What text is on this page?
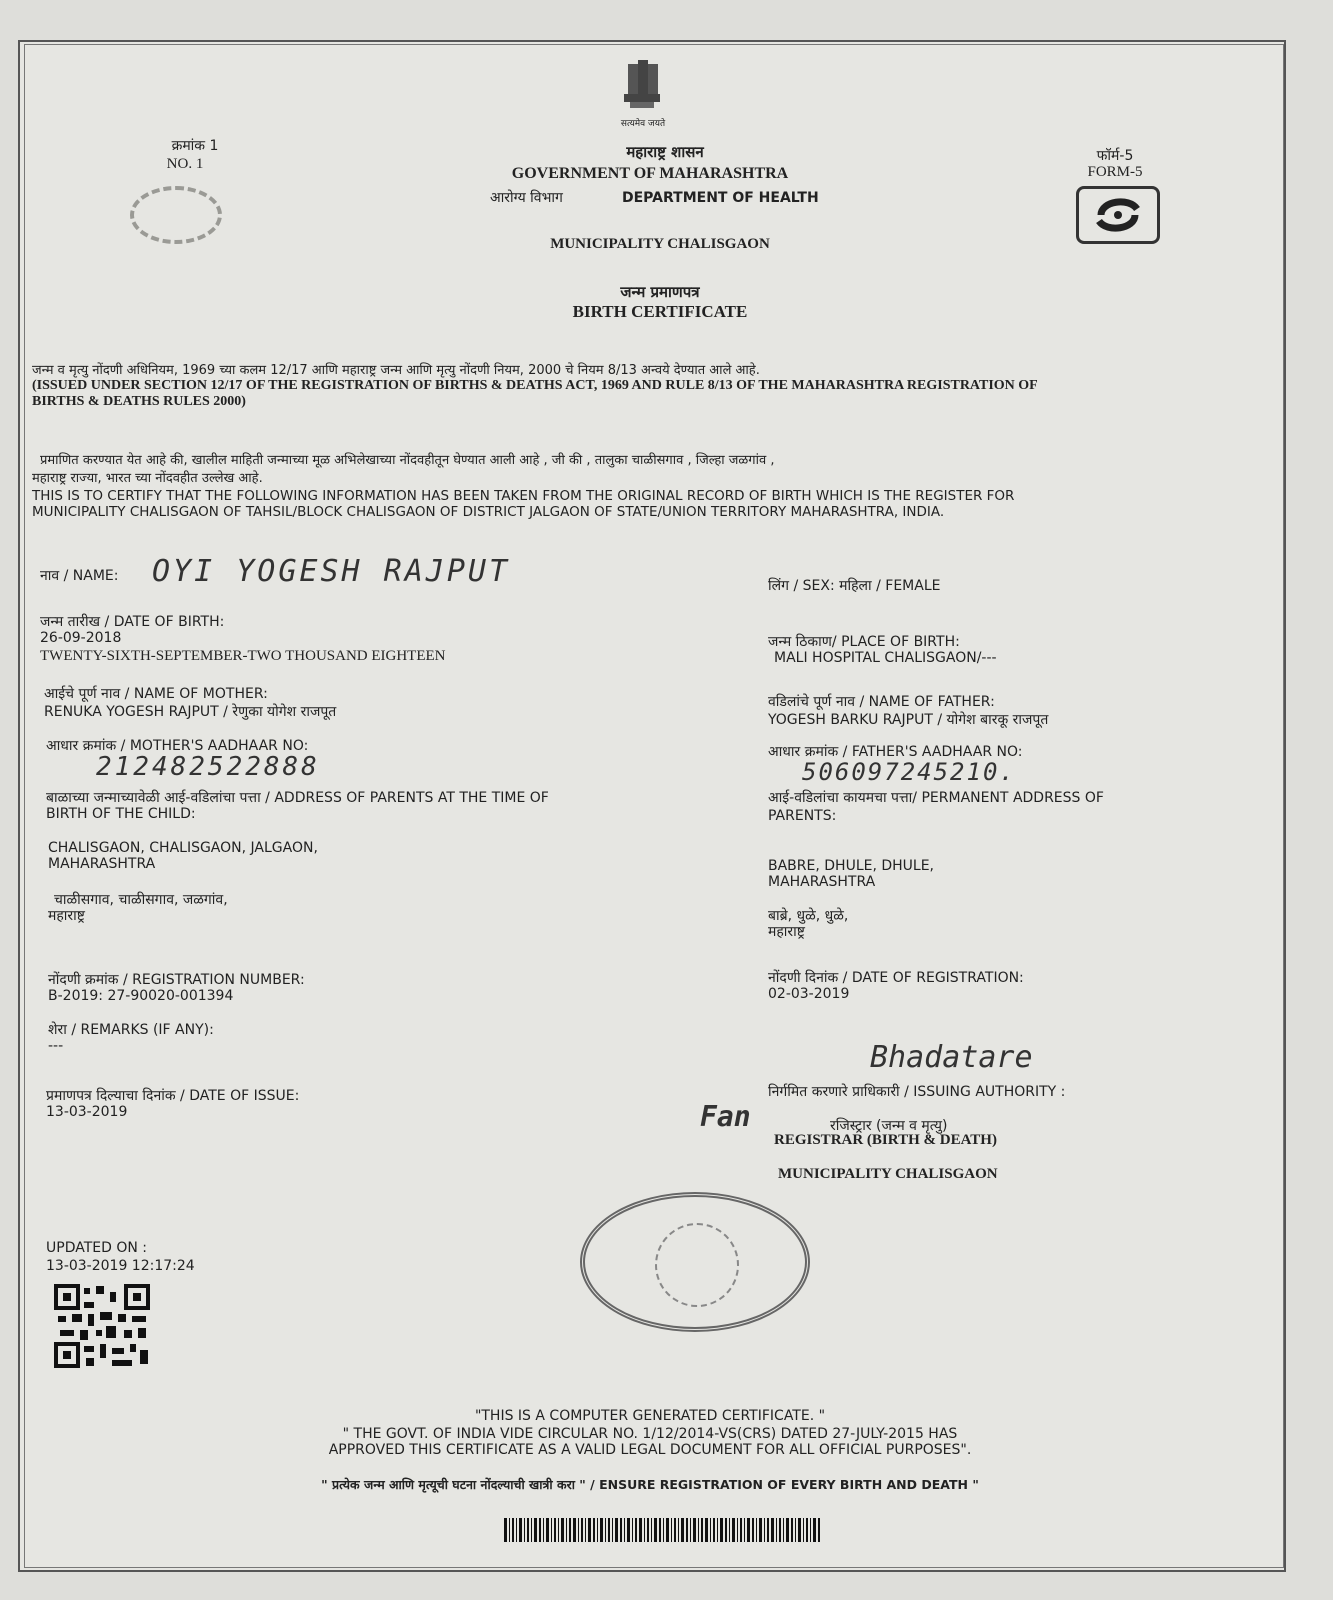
सत्यमेव जयते
क्रमांक 1
NO. 1
महाराष्ट्र शासन
GOVERNMENT OF MAHARASHTRA
आरोग्य विभाग	DEPARTMENT OF HEALTH
फॉर्म-5
FORM-5
MUNICIPALITY CHALISGAON
जन्म प्रमाणपत्र
BIRTH CERTIFICATE
जन्म व मृत्यु नोंदणी अधिनियम, 1969 च्या कलम 12/17 आणि महाराष्ट्र जन्म आणि मृत्यु नोंदणी नियम, 2000 चे नियम 8/13 अन्वये देण्यात आले आहे.
(ISSUED UNDER SECTION 12/17 OF THE REGISTRATION OF BIRTHS & DEATHS ACT, 1969 AND RULE 8/13 OF THE MAHARASHTRA REGISTRATION OF
BIRTHS & DEATHS RULES 2000)
प्रमाणित करण्यात येत आहे की, खालील माहिती जन्माच्या मूळ अभिलेखाच्या नोंदवहीतून घेण्यात आली आहे , जी की , तालुका चाळीसगाव , जिल्हा जळगांव ,
महाराष्ट्र राज्या, भारत च्या नोंदवहीत उल्लेख आहे.
THIS IS TO CERTIFY THAT THE FOLLOWING INFORMATION HAS BEEN TAKEN FROM THE ORIGINAL RECORD OF BIRTH WHICH IS THE REGISTER FOR
MUNICIPALITY CHALISGAON OF TAHSIL/BLOCK CHALISGAON OF DISTRICT JALGAON OF STATE/UNION TERRITORY MAHARASHTRA, INDIA.
नाव / NAME: OYI YOGESH RAJPUT
जन्म तारीख / DATE OF BIRTH:
26-09-2018
TWENTY-SIXTH-SEPTEMBER-TWO THOUSAND EIGHTEEN
आईचे पूर्ण नाव / NAME OF MOTHER:
RENUKA YOGESH RAJPUT / रेणुका योगेश राजपूत
आधार क्रमांक / MOTHER'S AADHAAR NO:
212482522888
बाळाच्या जन्माच्यावेळी आई-वडिलांचा पत्ता / ADDRESS OF PARENTS AT THE TIME OF
BIRTH OF THE CHILD:
CHALISGAON, CHALISGAON, JALGAON,
MAHARASHTRA
चाळीसगाव, चाळीसगाव, जळगांव,
महाराष्ट्र
नोंदणी क्रमांक / REGISTRATION NUMBER:
B-2019: 27-90020-001394
शेरा / REMARKS (IF ANY):
---
प्रमाणपत्र दिल्याचा दिनांक / DATE OF ISSUE:
13-03-2019
लिंग / SEX: महिला / FEMALE
जन्म ठिकाण/ PLACE OF BIRTH:
MALI HOSPITAL CHALISGAON/---
वडिलांचे पूर्ण नाव / NAME OF FATHER:
YOGESH BARKU RAJPUT / योगेश बारकू राजपूत
आधार क्रमांक / FATHER'S AADHAAR NO:
506097245210.
आई-वडिलांचा कायमचा पत्ता/ PERMANENT ADDRESS OF
PARENTS:
BABRE, DHULE, DHULE,
MAHARASHTRA
बाब्रे, धुळे, धुळे,
महाराष्ट्र
नोंदणी दिनांक / DATE OF REGISTRATION:
02-03-2019
Bhadatare
निर्गमित करणारे प्राधिकारी / ISSUING AUTHORITY :
Fan	रजिस्ट्रार (जन्म व मृत्यु)
REGISTRAR (BIRTH & DEATH)
MUNICIPALITY CHALISGAON
UPDATED ON :
13-03-2019 12:17:24
"THIS IS A COMPUTER GENERATED CERTIFICATE. "
" THE GOVT. OF INDIA VIDE CIRCULAR NO. 1/12/2014-VS(CRS) DATED 27-JULY-2015 HAS
APPROVED THIS CERTIFICATE AS A VALID LEGAL DOCUMENT FOR ALL OFFICIAL PURPOSES".
" प्रत्येक जन्म आणि मृत्यूची घटना नोंदल्याची खात्री करा " / ENSURE REGISTRATION OF EVERY BIRTH AND DEATH "
